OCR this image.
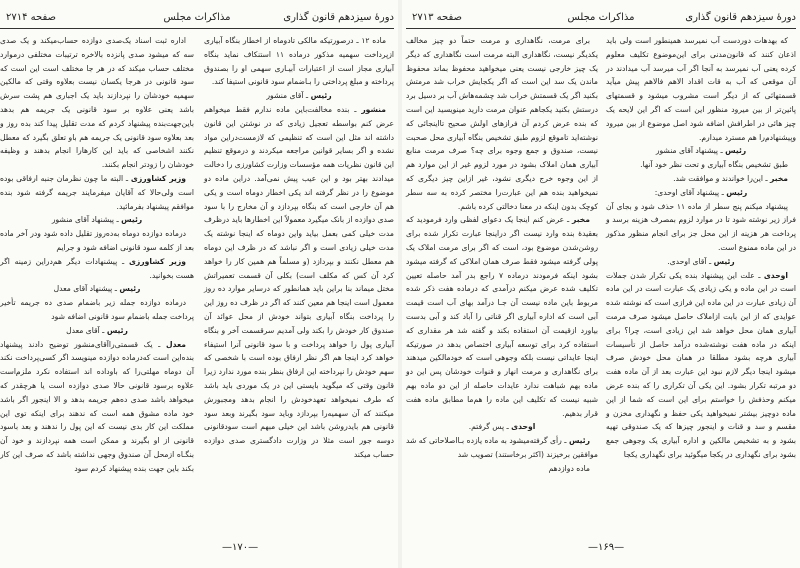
دورهٔ سیزدهم قانون گذاری
مذاکرات مجلس
صفحه ۲۷۱۴

ماده ۱۲ ـ درصورتیکه مالکی تادوماه از اخطار بنگاه آبیاری ازپرداخت سهمیه مذکور درماده ۱۱ استنکاف نماید بنگاه آبیاری مجاز است از اعتبارات آبیـاری سهمی او را بصندوق پرداخته و مبلغ پرداختی را بـاضمام سود قانونی استیفا کند.

رئیس ـ آقای منشور

منشور ـ بنده مخالفت‌باین ماده ندارم فقط میخواهم عرض کنم بواسطه تعجیل زیادی که در نوشتن این قانون داشته اند مثل این است که تنظیمی که لازمست‌دراین مواد نشده و اگر بسایر قوانین مراجعه میکردند و درموقع تنظیم این قانون نظریات همه مؤسسات وزارت کشاورزی را دخالت میدادند بهتر بود و این عیب پیش نمی‌آمد. دراین ماده دو موضوع را در نظر گرفته اند یکی اخطار دوماه است و یکی هم آن خارجی است که بنگاه بپردازد و آن مخارج را با سود صدی دوازده از بانک میگیرد معمولاً این اخطارها باید درظرف مدت خیلی کمی بعمل بیاید واین دوماه که اینجا نوشته یک مدت خیلی زیادی است و اگر نباشد که در ظرف این دوماه هم معطل نکنند و بپردازد (و مسلماً هم همین کار را خواهد کرد آن کس که مکلف است) بکلی آن قسمت تعمیراتش مختل میماند بنا براین باید همانطور که درسایر موارد ده روز معمول است اینجا هم معین کنند که اگر در ظرف ده روز این را پرداخت بنگاه آبیاری بتواند خودش از محل عوائد آن صندوق کار خودش را بکند ولی آمدیم سرقسمت آخر و بنگاه آبیاری پول را خواهد پرداخت و با سود قانونی آنرا استیفاء خواهد کرد اینجا هم اگر نظر ارفاق بوده است با شخصی که سهم خودش را نپرداخته این ارفاق بنظر بنده مورد ندارد زیرا قانون وقتی که میگوید بایستی این در یک موردی باید باشد که طرف نمیخواهد تعهدخودش را انجام بدهد ومجبورش میکنند که آن سهمیه‌را بپردازد وباید سود بگیرند وبعد سود قانونی هم بایدروشن باشد این خیلی مبهم است سودقانونی دوسه جور است مثلا در وزارت دادگستری صدی دوازده حساب میکند

اداره ثبت اسناد یک‌صدی دوازده حساب‌میکند و یک صدی سه که میشود صدی پانزده بالاخره ترتیبات مختلفی درموارد مختلف حساب میکند که در هر جا مختلف است این است که سود قانونی در هرجا یکسان نیست بعلاوه وقتی که مالکین سهمیه خودشان را نپردازند باید یک اجباری هم پشت سرش باشد یعنی علاوه بر سود قانونی یک جریمه هم بدهد باین‌جهت‌بنده پیشنهاد کردم که مدت تقلیل پیدا کند بده روز و بعد بعلاوه سود قانونی یک جریمه هم باو تعلق بگیرد که معطل نکنند اشخاصی که باید این کارهارا انجام بدهند و وظیفه خودشان را زودتر انجام بکنند.

وزیر کشاورزی ـ البته ما چون نظرمان جنبه ارفاقی بوده است ولی‌حالا که آقایان میفرمایند جریمه گرفته شود بنده موافقم پیشنهاد بفرمائید.

رئیس ـ پیشنهاد آقای منشور

درماده دوازده دوماه به‌ده‌روز تقلیل داده شود ودر آخر ماده بعد از کلمه سود قانونی اضافه شود و جرایم

وزیر کشاورزی ـ پیشنهادات دیگر هم‌دراین زمینه اگر هست بخوانید.

رئیس ـ پیشنهاد آقای معدل

درماده دوازده جمله زیر باضمام صدی ده جریمه تأخیر پرداخت جمله باضمام سود قانونی اضافه شود

رئیس ـ آقای معدل

معدل ـ یک قسمتی‌راآقای‌منشور توضیح دادند پیشنهاد بنده‌این است که‌درماده دوازده مینویسد اگر کسی‌پرداخت نکند آن دوماه مهلتی‌را که باوداده اند استفاده نکرد ملزم‌است علاوه برسود قانونی حالا صدی دوازده است یا هرچقدر که میخواهد باشد صدی ده‌هم جریمه بدهد و الا اینجور اگر باشد خود ماده مشوق همه است که‌ ندهند برای اینکه توی این مملکت این کار بدی نیست که این پول را ندهند و بعد باسود قانونی از او بگیرند و ممکن است همه نپردازند و خود آن بنگـاه ازمحل آن صندوق وجهی نداشته باشد که صرف این کار بکند باین جهت بنده پیشنهاد کردم سود

—۱۷۰—
دورهٔ سیزدهم قانون گذاری
مذاکرات مجلس
صفحه ۲۷۱۳

که بهدهات دوردست آب نمیرسد همینطور است ولی باید اذعان کنند که قانون‌مدنی برای این‌موضوع تکلیف معلوم کرده یعنی آب نمیرسد به آنجا اگر آب میرسد آب میدادند در آن موقعی که آب به قات اقداد الاهم فالاهم پیش میآید قسمتهائی که از دیگر است مشروب میشود و قسمتهای پائین‌تر از بین میرود منظور این است که اگر این لایحه یک چیز هائی در اطرافش اضافه شود اصل موضوع از بین میرود وپیشنهادم‌را هم مسترد میدارم.

رئیس ـ پیشنهاد آقای منشور

طبق تشخیص بنگاه آبیاری و تحت نظر خود آنها.

مخبر ـ این‌را خواندند و موافقت شد.

رئیس ـ پیشنهاد آقای اوحدی:

پیشنهاد میکنم پنج سطر از ماده ۱۱ حذف شود و بجای آن فراز زیر نوشته شود تا در موارد لزوم بمصرف هزینه برسد و پرداخت هر هزینه از این محل جز برای انجام منظور مذکور در این ماده ممنوع است.

رئیس ـ آقای اوحدی.

اوحدی ـ علت این پیشنهاد بنده یکی تکرار شدن جملات است در این ماده و یکی زیادی یک عبارت است در این ماده آن زیادی عبارت در این ماده این فرازی است که نوشته شده عوایدی که از این بابت ازاملاک حاصل میشود صرف مرمت آبیاری همان محل خواهد شد این زیادی است، چرا؟ برای اینکه در ماده هفت نوشته‌شده درآمد حاصل از تأسیسات آبیاری هرچه بشود مطلقا در همان محل خودش صرف میشود اینجا دیگر لازم نبود این عبارت بعد از آن ماده هفت دو مرتبه تکرار بشود. این یکی آن تکراری را که بنده عرض میکنم وحذفش را خواستم برای این است که شما از این ماده دوچیز بیشتر نمیخواهید یکی حفظ و نگهداری مخزن و مقسم و سد و قنات و اینجور چیزها که یک صندوقی تهیه بشود و به تشخیص مالکین و اداره آبیاری یک وجوهی جمع بشود برای نگهداری در یکجا میگوئید برای نگهداری یکجا

برای مرمت، نگاهداری و مرمت حتماً دو چیز مخالف یکدیگر نیست، نگاهداری البته مرمت است نگاهداری که دیگر یک چیز خارجی نیست یعنی میخواهید محفوظ بماند محفوظ ماندن یک سد این است که اگر یکجایش خراب شد مرمتش بکنید اگر یک قسمتش خراب شد چشمه‌هاش آب بر دسیل برد درستش بکنید یکجاهم عنوان مرمت دارید مینویسید این است که بنده عرض کردم آن فرازهای اولش صحیح تااینجائی که نوشته‌اید تاموقع لزوم طبق تشخیص بنگاه آبیاری محل صحبت نیست، صندوق و جمع وجوه برای چه؟ صرف مرمت منابع آبیاری همان املاک بشود در مورد لزوم غیر از این موارد هم از این وجوه خرج دیگری نشود، غیر ازاین چیز دیگری که نمیخواهید بنده هم این عبارت‌را مختصر کرده به سه سطر کوچک بدون اینکه در معنا دخالتی کرده باشم.

مخبر ـ عرض کنم اینجا یک دعوای لفظی وارد فرمودید که بعقیدهٔ بنده وارد نیست اگر دراینجا عبارت تکرار شده برای روشن‌شدن موضوع بود، است که اگر برای مرمت املاک یک پولی گرفته میشود فقط صرف همان املاکی که گرفته میشود بشود اینکه فرمودند درماده ۷ راجع بدر آمد حاصله تعیین تکلیف شده عرض میکنم درآمدی که درماده هفت ذکر شده مربوط باین ماده نیست آن جـا درآمد بهای آب است قیمت آبی است که اداره آبیاری اگر قناتی را آباد کند و آبی بدست بیاورد ازقیمت آن استفاده بکند و گفته شد هر مقداری که استفاده کرد برای توسعه آبیاری اختصاص بدهد در صورتیکه اینجا عایداتی نیست بلکه وجوهی است که خودمالکین میدهند برای نگاهداری و مرمت انهار و قنوات خودشان پس این دو ماده بهم شباهت ندارد عایدات حاصله از این دو ماده بهم شبیه نیست که تکلیف این ماده را هم‌ما مطابق ماده هفت قرار بدهیم.

اوحدی ـ پس گرفتم.

رئیس ـ رأی گرفته‌میشود به ماده یازده بـااصلاحاتی که شد موافقین برخیزند (اکثر برخاستند) تصویب شد

ماده دوازدهم

—۱۶۹—
